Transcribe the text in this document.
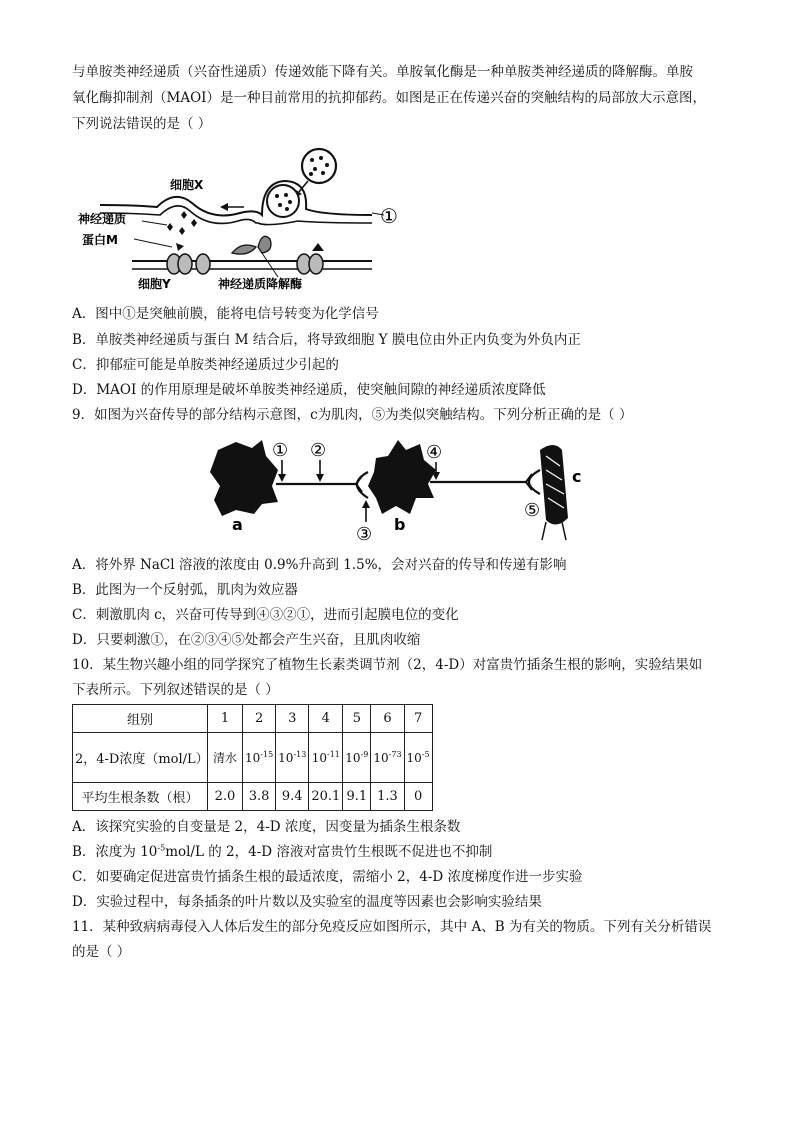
与单胺类神经递质（兴奋性递质）传递效能下降有关。单胺氧化酶是一种单胺类神经递质的降解酶。单胺
氧化酶抑制剂（MAOI）是一种目前常用的抗抑郁药。如图是正在传递兴奋的突触结构的局部放大示意图，
下列说法错误的是（ ）
细胞X
神经递质
蛋白M
细胞Y	神经递质降解酶
①
A．图中①是突触前膜，能将电信号转变为化学信号
B．单胺类神经递质与蛋白 M 结合后，将导致细胞 Y 膜电位由外正内负变为外负内正
C．抑郁症可能是单胺类神经递质过少引起的
D．MAOI 的作用原理是破坏单胺类神经递质，使突触间隙的神经递质浓度降低
9．如图为兴奋传导的部分结构示意图，c为肌肉，⑤为类似突触结构。下列分析正确的是（ ）
① ②
③
④
⑤
a	b
c
A．将外界 NaCl 溶液的浓度由 0.9%升高到 1.5%，会对兴奋的传导和传递有影响
B．此图为一个反射弧，肌肉为效应器
C．刺激肌肉 c，兴奋可传导到④③②①，进而引起膜电位的变化
D．只要刺激①，在②③④⑤处都会产生兴奋，且肌肉收缩
10．某生物兴趣小组的同学探究了植物生长素类调节剂（2，4-D）对富贵竹插条生根的影响，实验结果如
下表所示。下列叙述错误的是（ ）
组别	1	2	3	4	5	6	7
2，4-D浓度（mol/L）	清水	$10^{-15}$	$10^{-13}$	$10^{-11}$	$10^{-9}$	$10^{-73}$	$10^{-5}$
平均生根条数（根）	2.0	3.8	9.4	20.1	9.1	1.3	0
A．该探究实验的自变量是 2，4-D 浓度，因变量为插条生根条数
B．浓度为 $10^{-5}mol/L$ 的 2，4-D 溶液对富贵竹生根既不促进也不抑制
C．如要确定促进富贵竹插条生根的最适浓度，需缩小 2，4-D 浓度梯度作进一步实验
D．实验过程中，每条插条的叶片数以及实验室的温度等因素也会影响实验结果
11．某种致病病毒侵入人体后发生的部分免疫反应如图所示，其中 A、B 为有关的物质。下列有关分析错误
的是（ ）
